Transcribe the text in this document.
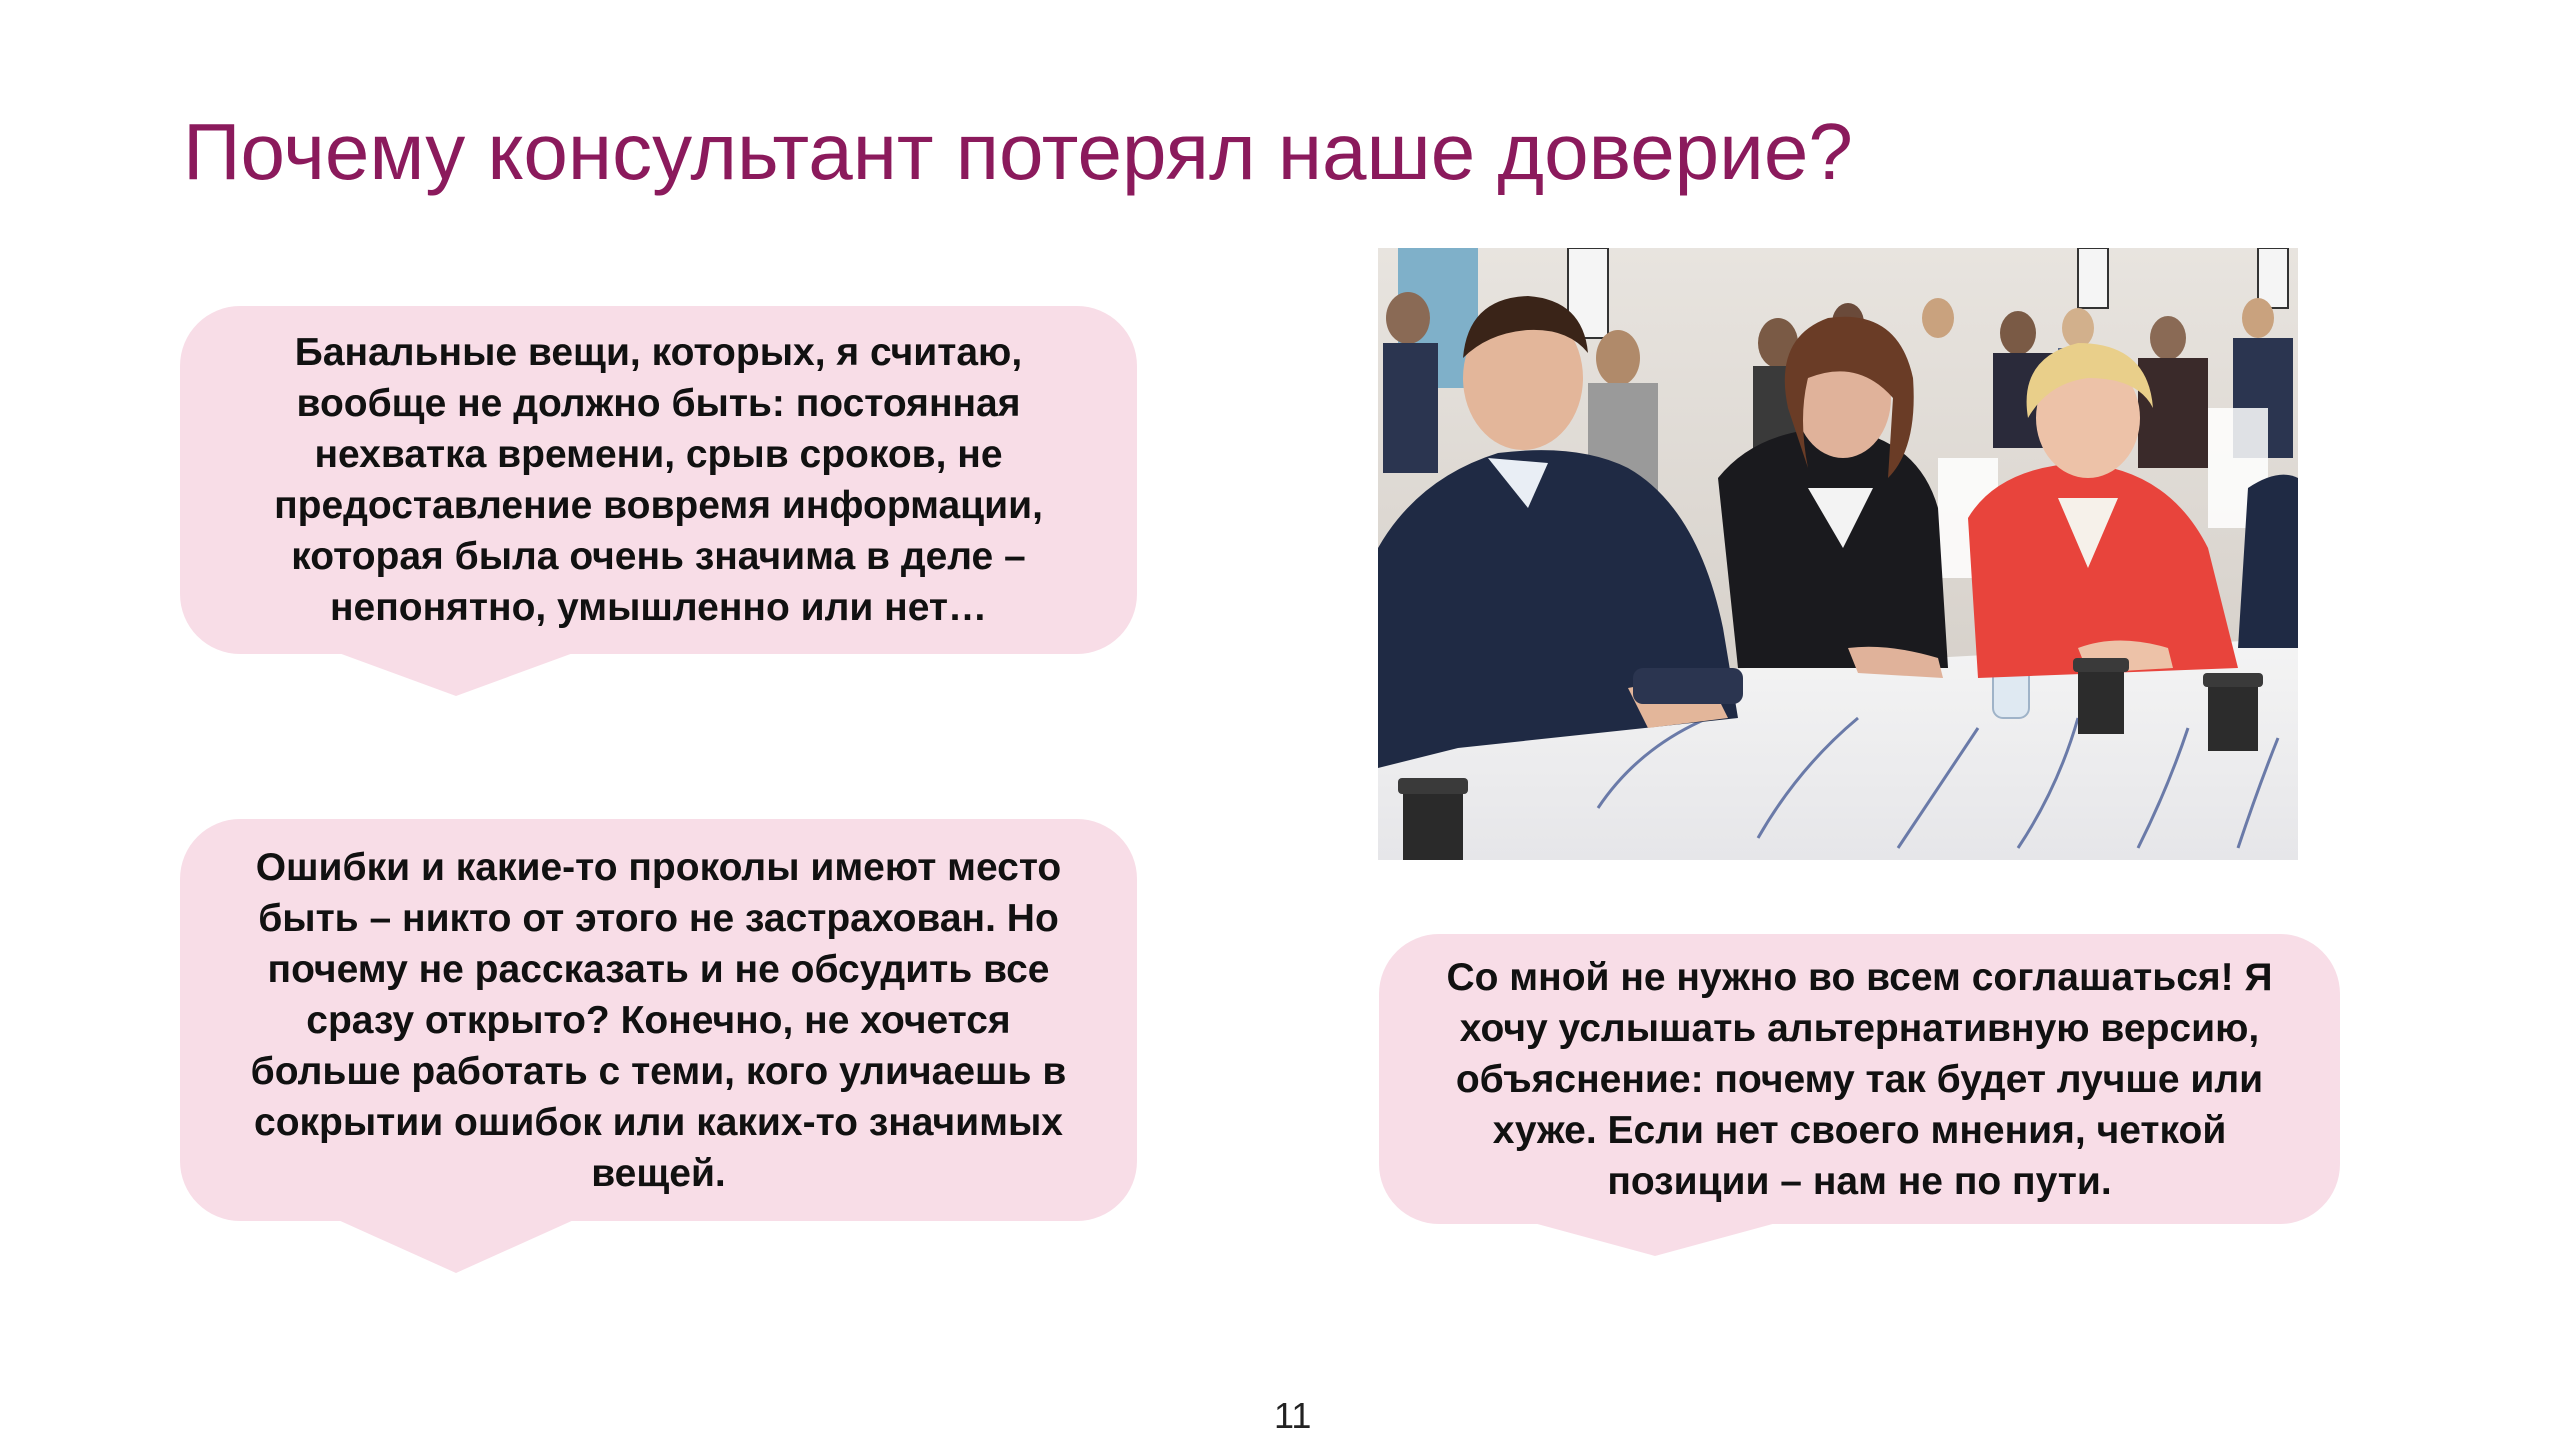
Почему консультант потерял наше доверие?

Банальные вещи, которых, я считаю,
вообще не должно быть: постоянная
нехватка времени, срыв сроков, не
предоставление вовремя информации,
которая была очень значима в деле –
непонятно, умышленно или нет…

Ошибки и какие-то проколы имеют место
быть – никто от этого не застрахован. Но
почему не рассказать и не обсудить все
сразу открыто? Конечно, не хочется
больше работать с теми, кого уличаешь в
сокрытии ошибок или каких-то значимых
вещей.

Со мной не нужно во всем соглашаться! Я
хочу услышать альтернативную версию,
объяснение: почему так будет лучше или
хуже. Если нет своего мнения, четкой
позиции – нам не по пути.

11
